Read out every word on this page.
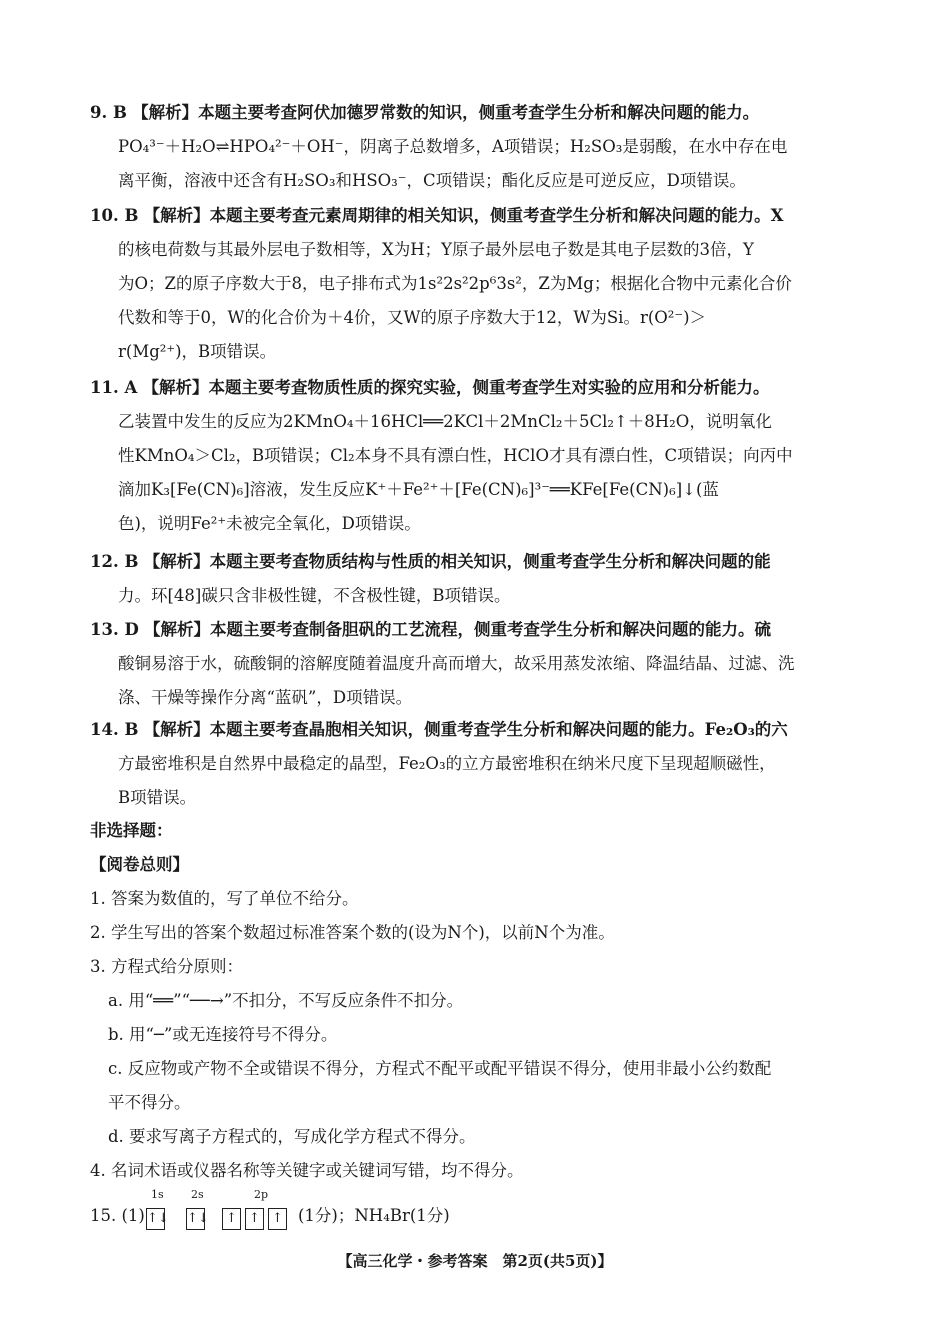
9. B 【解析】本题主要考查阿伏加德罗常数的知识，侧重考查学生分析和解决问题的能力。
PO₄³⁻＋H₂O⇌HPO₄²⁻＋OH⁻，阴离子总数增多，A项错误；H₂SO₃是弱酸，在水中存在电
离平衡，溶液中还含有H₂SO₃和HSO₃⁻，C项错误；酯化反应是可逆反应，D项错误。
10. B 【解析】本题主要考查元素周期律的相关知识，侧重考查学生分析和解决问题的能力。X
的核电荷数与其最外层电子数相等，X为H；Y原子最外层电子数是其电子层数的3倍，Y
为O；Z的原子序数大于8，电子排布式为1s²2s²2p⁶3s²，Z为Mg；根据化合物中元素化合价
代数和等于0，W的化合价为＋4价，又W的原子序数大于12，W为Si。r(O²⁻)＞
r(Mg²⁺)，B项错误。
11. A 【解析】本题主要考查物质性质的探究实验，侧重考查学生对实验的应用和分析能力。
乙装置中发生的反应为2KMnO₄＋16HCl══2KCl＋2MnCl₂＋5Cl₂↑＋8H₂O，说明氧化
性KMnO₄＞Cl₂，B项错误；Cl₂本身不具有漂白性，HClO才具有漂白性，C项错误；向丙中
滴加K₃[Fe(CN)₆]溶液，发生反应K⁺＋Fe²⁺＋[Fe(CN)₆]³⁻══KFe[Fe(CN)₆]↓(蓝
色)，说明Fe²⁺未被完全氧化，D项错误。
12. B 【解析】本题主要考查物质结构与性质的相关知识，侧重考查学生分析和解决问题的能
力。环[48]碳只含非极性键，不含极性键，B项错误。
13. D 【解析】本题主要考查制备胆矾的工艺流程，侧重考查学生分析和解决问题的能力。硫
酸铜易溶于水，硫酸铜的溶解度随着温度升高而增大，故采用蒸发浓缩、降温结晶、过滤、洗
涤、干燥等操作分离“蓝矾”，D项错误。
14. B 【解析】本题主要考查晶胞相关知识，侧重考查学生分析和解决问题的能力。Fe₂O₃的六
方最密堆积是自然界中最稳定的晶型，Fe₂O₃的立方最密堆积在纳米尺度下呈现超顺磁性，
B项错误。
非选择题：
【阅卷总则】
1. 答案为数值的，写了单位不给分。
2. 学生写出的答案个数超过标准答案个数的(设为N个)，以前N个为准。
3. 方程式给分原则：
a. 用“══”“──→”不扣分，不写反应条件不扣分。
b. 用“─”或无连接符号不得分。
c. 反应物或产物不全或错误不得分，方程式不配平或配平错误不得分，使用非最小公约数配
平不得分。
d. 要求写离子方程式的，写成化学方程式不得分。
4. 名词术语或仪器名称等关键字或关键词写错，均不得分。
15. (1)
1s 2s	2p
↑↓ ↑↓	↑ ↑ ↑ (1分)；NH₄Br(1分)
【高三化学・参考答案　第2页(共5页)】
